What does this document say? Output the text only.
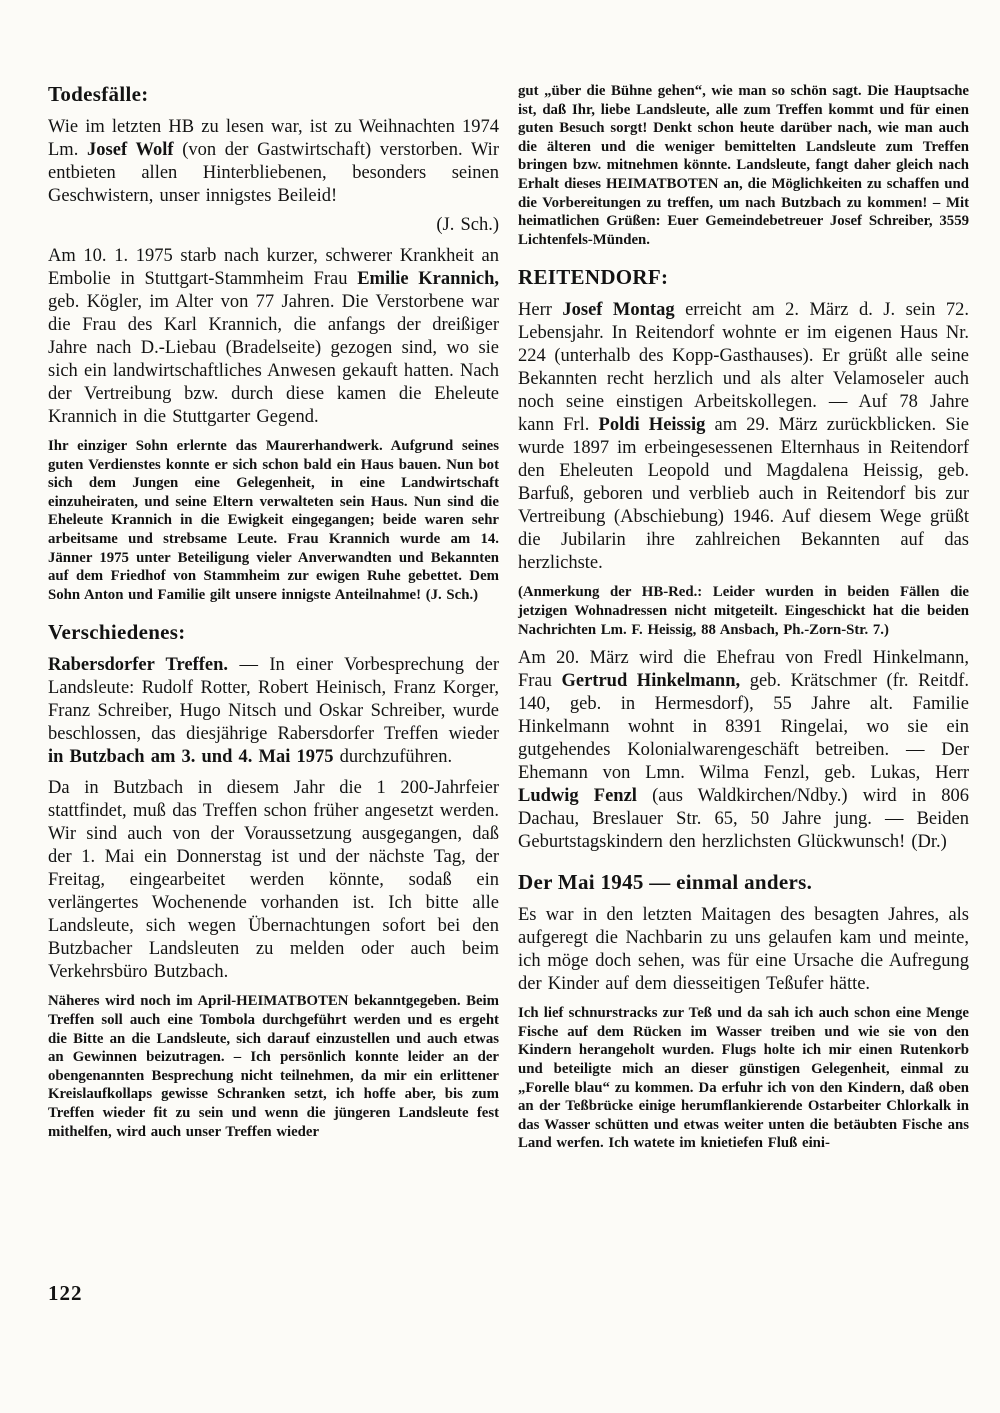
Todesfälle:

Wie im letzten HB zu lesen war, ist zu Weihnachten 1974 Lm. Josef Wolf (von der Gastwirtschaft) verstorben. Wir entbieten allen Hinterbliebenen, besonders seinen Geschwistern, unser innigstes Beileid!

(J. Sch.)

Am 10. 1. 1975 starb nach kurzer, schwerer Krankheit an Embolie in Stuttgart-Stammheim Frau Emilie Krannich, geb. Kögler, im Alter von 77 Jahren. Die Verstorbene war die Frau des Karl Krannich, die anfangs der dreißiger Jahre nach D.-Liebau (Bradelseite) gezogen sind, wo sie sich ein landwirtschaftliches Anwesen gekauft hatten. Nach der Vertreibung bzw. durch diese kamen die Eheleute Krannich in die Stuttgarter Gegend.

Ihr einziger Sohn erlernte das Maurerhandwerk. Aufgrund seines guten Verdienstes konnte er sich schon bald ein Haus bauen. Nun bot sich dem Jungen eine Gelegenheit, in eine Landwirtschaft einzuheiraten, und seine Eltern verwalteten sein Haus. Nun sind die Eheleute Krannich in die Ewigkeit eingegangen; beide waren sehr arbeitsame und strebsame Leute. Frau Krannich wurde am 14. Jänner 1975 unter Beteiligung vieler Anverwandten und Bekannten auf dem Friedhof von Stammheim zur ewigen Ruhe gebettet. Dem Sohn Anton und Familie gilt unsere innigste Anteilnahme! (J. Sch.)

Verschiedenes:

Rabersdorfer Treffen. — In einer Vorbesprechung der Landsleute: Rudolf Rotter, Robert Heinisch, Franz Korger, Franz Schreiber, Hugo Nitsch und Oskar Schreiber, wurde beschlossen, das diesjährige Rabersdorfer Treffen wieder in Butzbach am 3. und 4. Mai 1975 durchzuführen.

Da in Butzbach in diesem Jahr die 1 200-Jahrfeier stattfindet, muß das Treffen schon früher angesetzt werden. Wir sind auch von der Voraussetzung ausgegangen, daß der 1. Mai ein Donnerstag ist und der nächste Tag, der Freitag, eingearbeitet werden könnte, sodaß ein verlängertes Wochenende vorhanden ist. Ich bitte alle Landsleute, sich wegen Übernachtungen sofort bei den Butzbacher Landsleuten zu melden oder auch beim Verkehrsbüro Butzbach.

Näheres wird noch im April-HEIMATBOTEN bekanntgegeben. Beim Treffen soll auch eine Tombola durchgeführt werden und es ergeht die Bitte an die Landsleute, sich darauf einzustellen und auch etwas an Gewinnen beizutragen. – Ich persönlich konnte leider an der obengenannten Besprechung nicht teilnehmen, da mir ein erlittener Kreislaufkollaps gewisse Schranken setzt, ich hoffe aber, bis zum Treffen wieder fit zu sein und wenn die jüngeren Landsleute fest mithelfen, wird auch unser Treffen wieder

gut „über die Bühne gehen“, wie man so schön sagt. Die Hauptsache ist, daß Ihr, liebe Landsleute, alle zum Treffen kommt und für einen guten Besuch sorgt! Denkt schon heute darüber nach, wie man auch die älteren und die weniger bemittelten Landsleute zum Treffen bringen bzw. mitnehmen könnte. Landsleute, fangt daher gleich nach Erhalt dieses HEIMATBOTEN an, die Möglichkeiten zu schaffen und die Vorbereitungen zu treffen, um nach Butzbach zu kommen! – Mit heimatlichen Grüßen: Euer Gemeindebetreuer Josef Schreiber, 3559 Lichtenfels-Münden.

REITENDORF:

Herr Josef Montag erreicht am 2. März d. J. sein 72. Lebensjahr. In Reitendorf wohnte er im eigenen Haus Nr. 224 (unterhalb des Kopp-Gasthauses). Er grüßt alle seine Bekannten recht herzlich und als alter Velamoseler auch noch seine einstigen Arbeitskollegen. — Auf 78 Jahre kann Frl. Poldi Heissig am 29. März zurückblicken. Sie wurde 1897 im erbeingesessenen Elternhaus in Reitendorf den Eheleuten Leopold und Magdalena Heissig, geb. Barfuß, geboren und verblieb auch in Reitendorf bis zur Vertreibung (Abschiebung) 1946. Auf diesem Wege grüßt die Jubilarin ihre zahlreichen Bekannten auf das herzlichste.

(Anmerkung der HB-Red.: Leider wurden in beiden Fällen die jetzigen Wohnadressen nicht mitgeteilt. Eingeschickt hat die beiden Nachrichten Lm. F. Heissig, 88 Ansbach, Ph.-Zorn-Str. 7.)

Am 20. März wird die Ehefrau von Fredl Hinkelmann, Frau Gertrud Hinkelmann, geb. Krätschmer (fr. Reitdf. 140, geb. in Hermesdorf), 55 Jahre alt. Familie Hinkelmann wohnt in 8391 Ringelai, wo sie ein gutgehendes Kolonialwarengeschäft betreiben. — Der Ehemann von Lmn. Wilma Fenzl, geb. Lukas, Herr Ludwig Fenzl (aus Waldkirchen/Ndby.) wird in 806 Dachau, Breslauer Str. 65, 50 Jahre jung. — Beiden Geburtstagskindern den herzlichsten Glückwunsch! (Dr.)

Der Mai 1945 — einmal anders.

Es war in den letzten Maitagen des besagten Jahres, als aufgeregt die Nachbarin zu uns gelaufen kam und meinte, ich möge doch sehen, was für eine Ursache die Aufregung der Kinder auf dem diesseitigen Teßufer hätte.

Ich lief schnurstracks zur Teß und da sah ich auch schon eine Menge Fische auf dem Rücken im Wasser treiben und wie sie von den Kindern herangeholt wurden. Flugs holte ich mir einen Rutenkorb und beteiligte mich an dieser günstigen Gelegenheit, einmal zu „Forelle blau“ zu kommen. Da erfuhr ich von den Kindern, daß oben an der Teßbrücke einige herumflankierende Ostarbeiter Chlorkalk in das Wasser schütten und etwas weiter unten die betäubten Fische ans Land werfen. Ich watete im knietiefen Fluß eini-

122
